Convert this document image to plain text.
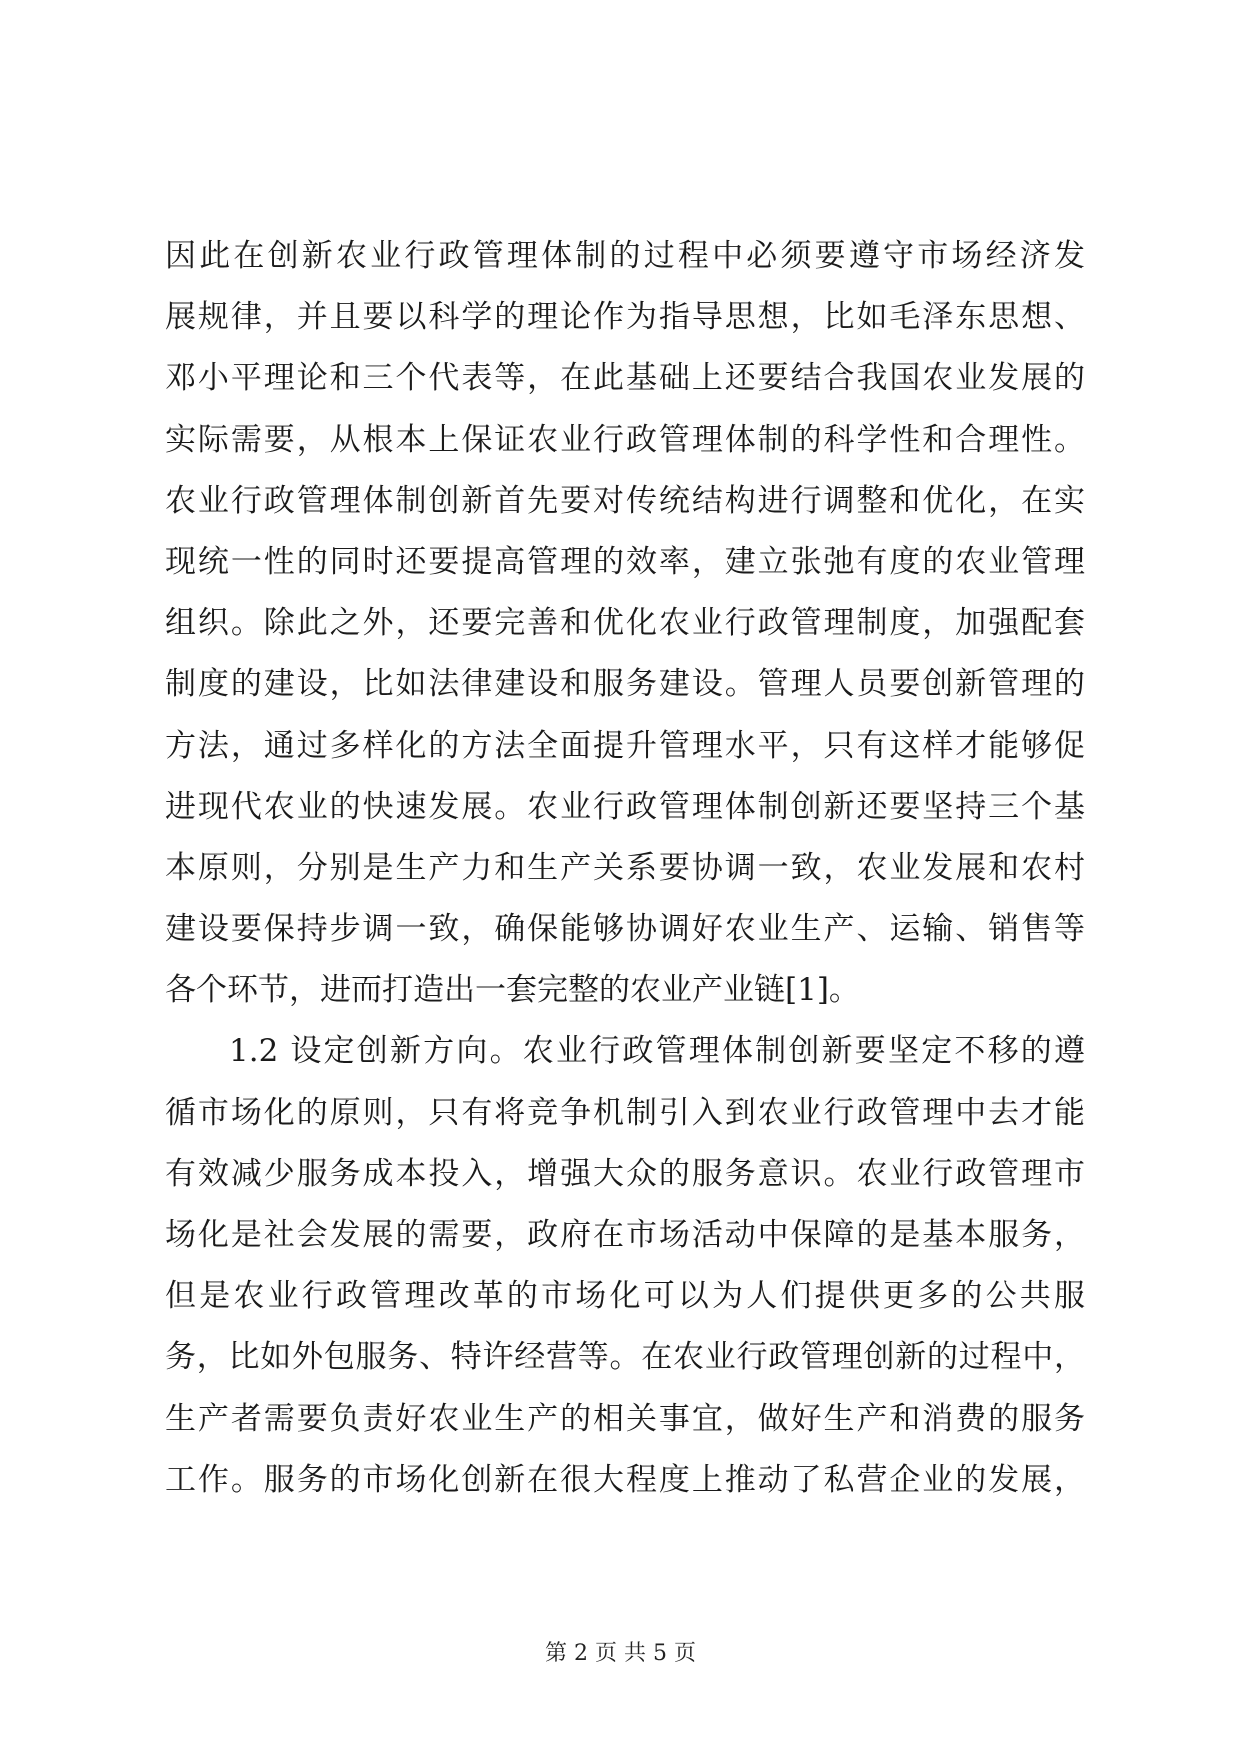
因此在创新农业行政管理体制的过程中必须要遵守市场经济发
展规律，并且要以科学的理论作为指导思想，比如毛泽东思想、
邓小平理论和三个代表等，在此基础上还要结合我国农业发展的
实际需要，从根本上保证农业行政管理体制的科学性和合理性。
农业行政管理体制创新首先要对传统结构进行调整和优化，在实
现统一性的同时还要提高管理的效率，建立张弛有度的农业管理
组织。除此之外，还要完善和优化农业行政管理制度，加强配套
制度的建设，比如法律建设和服务建设。管理人员要创新管理的
方法，通过多样化的方法全面提升管理水平，只有这样才能够促
进现代农业的快速发展。农业行政管理体制创新还要坚持三个基
本原则，分别是生产力和生产关系要协调一致，农业发展和农村
建设要保持步调一致，确保能够协调好农业生产、运输、销售等
各个环节，进而打造出一套完整的农业产业链[1]。
1.2 设定创新方向。农业行政管理体制创新要坚定不移的遵
循市场化的原则，只有将竞争机制引入到农业行政管理中去才能
有效减少服务成本投入，增强大众的服务意识。农业行政管理市
场化是社会发展的需要，政府在市场活动中保障的是基本服务，
但是农业行政管理改革的市场化可以为人们提供更多的公共服
务，比如外包服务、特许经营等。在农业行政管理创新的过程中，
生产者需要负责好农业生产的相关事宜，做好生产和消费的服务
工作。服务的市场化创新在很大程度上推动了私营企业的发展，
第 2 页 共 5 页
